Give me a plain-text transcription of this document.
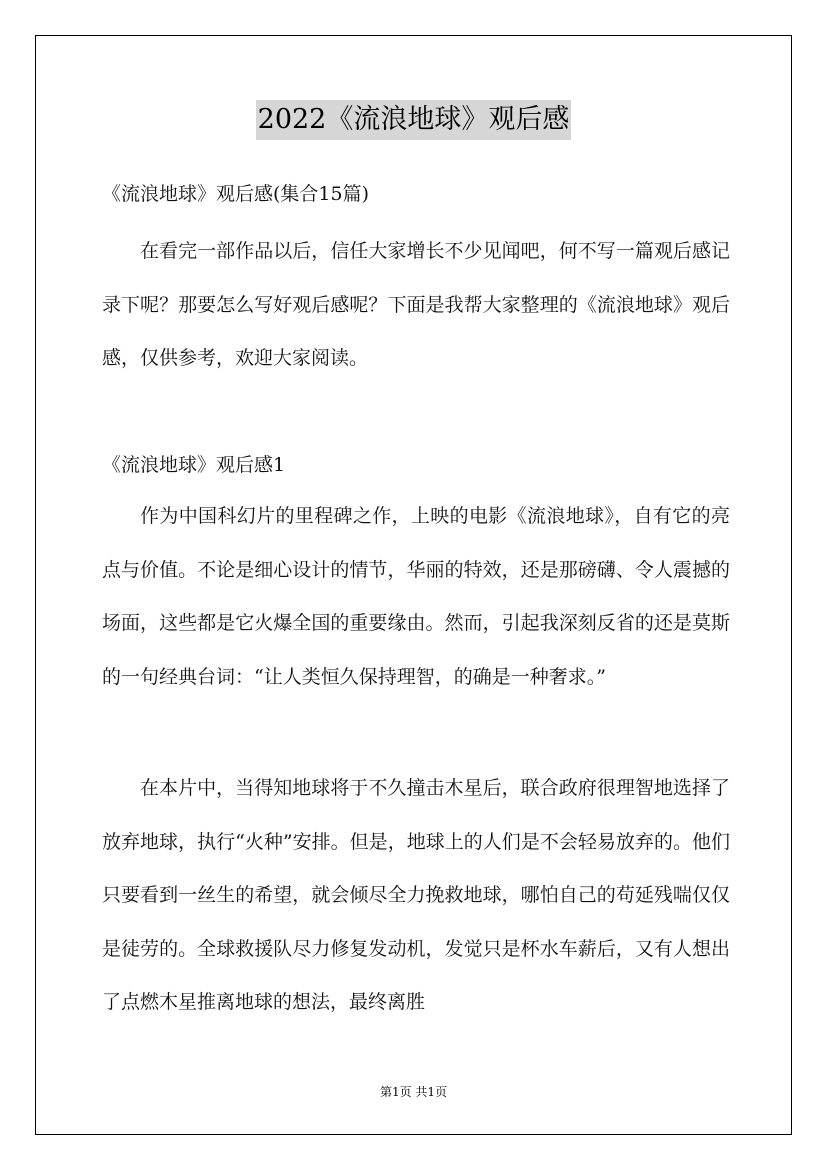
2022《流浪地球》观后感

《流浪地球》观后感(集合15篇)

在看完一部作品以后，信任大家增长不少见闻吧，何不写一篇观后感记录下呢？那要怎么写好观后感呢？下面是我帮大家整理的《流浪地球》观后感，仅供参考，欢迎大家阅读。

《流浪地球》观后感1

作为中国科幻片的里程碑之作，上映的电影《流浪地球》，自有它的亮点与价值。不论是细心设计的情节，华丽的特效，还是那磅礴、令人震撼的场面，这些都是它火爆全国的重要缘由。然而，引起我深刻反省的还是莫斯的一句经典台词：“让人类恒久保持理智，的确是一种奢求。”

在本片中，当得知地球将于不久撞击木星后，联合政府很理智地选择了放弃地球，执行“火种”安排。但是，地球上的人们是不会轻易放弃的。他们只要看到一丝生的希望，就会倾尽全力挽救地球，哪怕自己的苟延残喘仅仅是徒劳的。全球救援队尽力修复发动机，发觉只是杯水车薪后，又有人想出了点燃木星推离地球的想法，最终离胜

第1页 共1页
